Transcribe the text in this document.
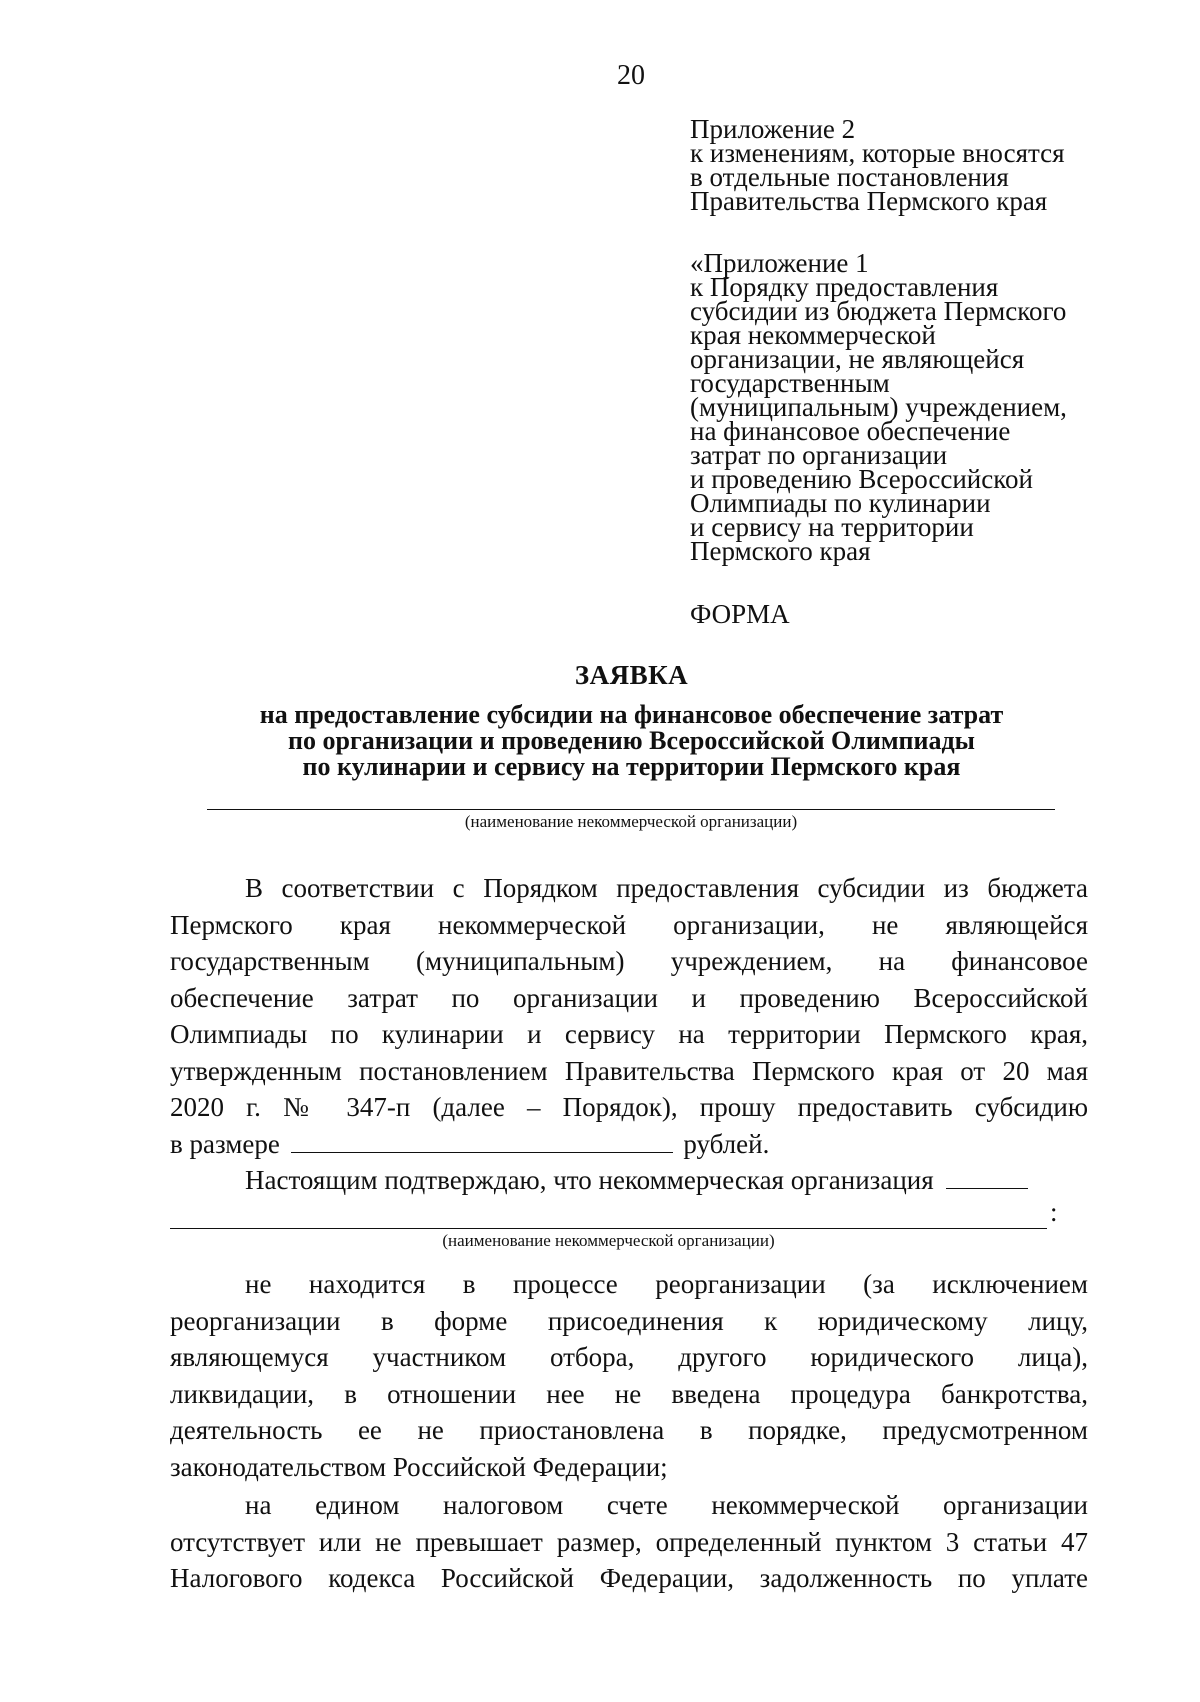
20
Приложение 2
к изменениям, которые вносятся
в отдельные постановления
Правительства Пермского края
«Приложение 1
к Порядку предоставления
субсидии из бюджета Пермского
края некоммерческой
организации, не являющейся
государственным
(муниципальным) учреждением,
на финансовое обеспечение
затрат по организации
и проведению Всероссийской
Олимпиады по кулинарии
и сервису на территории
Пермского края
ФОРМА
ЗАЯВКА
на предоставление субсидии на финансовое обеспечение затрат
по организации и проведению Всероссийской Олимпиады
по кулинарии и сервису на территории Пермского края
(наименование некоммерческой организации)
В соответствии с Порядком предоставления субсидии из бюджета
Пермского края некоммерческой организации, не являющейся
государственным (муниципальным) учреждением, на финансовое
обеспечение затрат по организации и проведению Всероссийской
Олимпиады по кулинарии и сервису на территории Пермского края,
утвержденным постановлением Правительства Пермского края от 20 мая
2020 г. № 347-п (далее – Порядок), прошу предоставить субсидию
в размере	рублей.
Настоящим подтверждаю, что некоммерческая организация
:
(наименование некоммерческой организации)
не находится в процессе реорганизации (за исключением
реорганизации в форме присоединения к юридическому лицу,
являющемуся участником отбора, другого юридического лица),
ликвидации, в отношении нее не введена процедура банкротства,
деятельность ее не приостановлена в порядке, предусмотренном
законодательством Российской Федерации;
на едином налоговом счете некоммерческой организации
отсутствует или не превышает размер, определенный пунктом 3 статьи 47
Налогового кодекса Российской Федерации, задолженность по уплате
